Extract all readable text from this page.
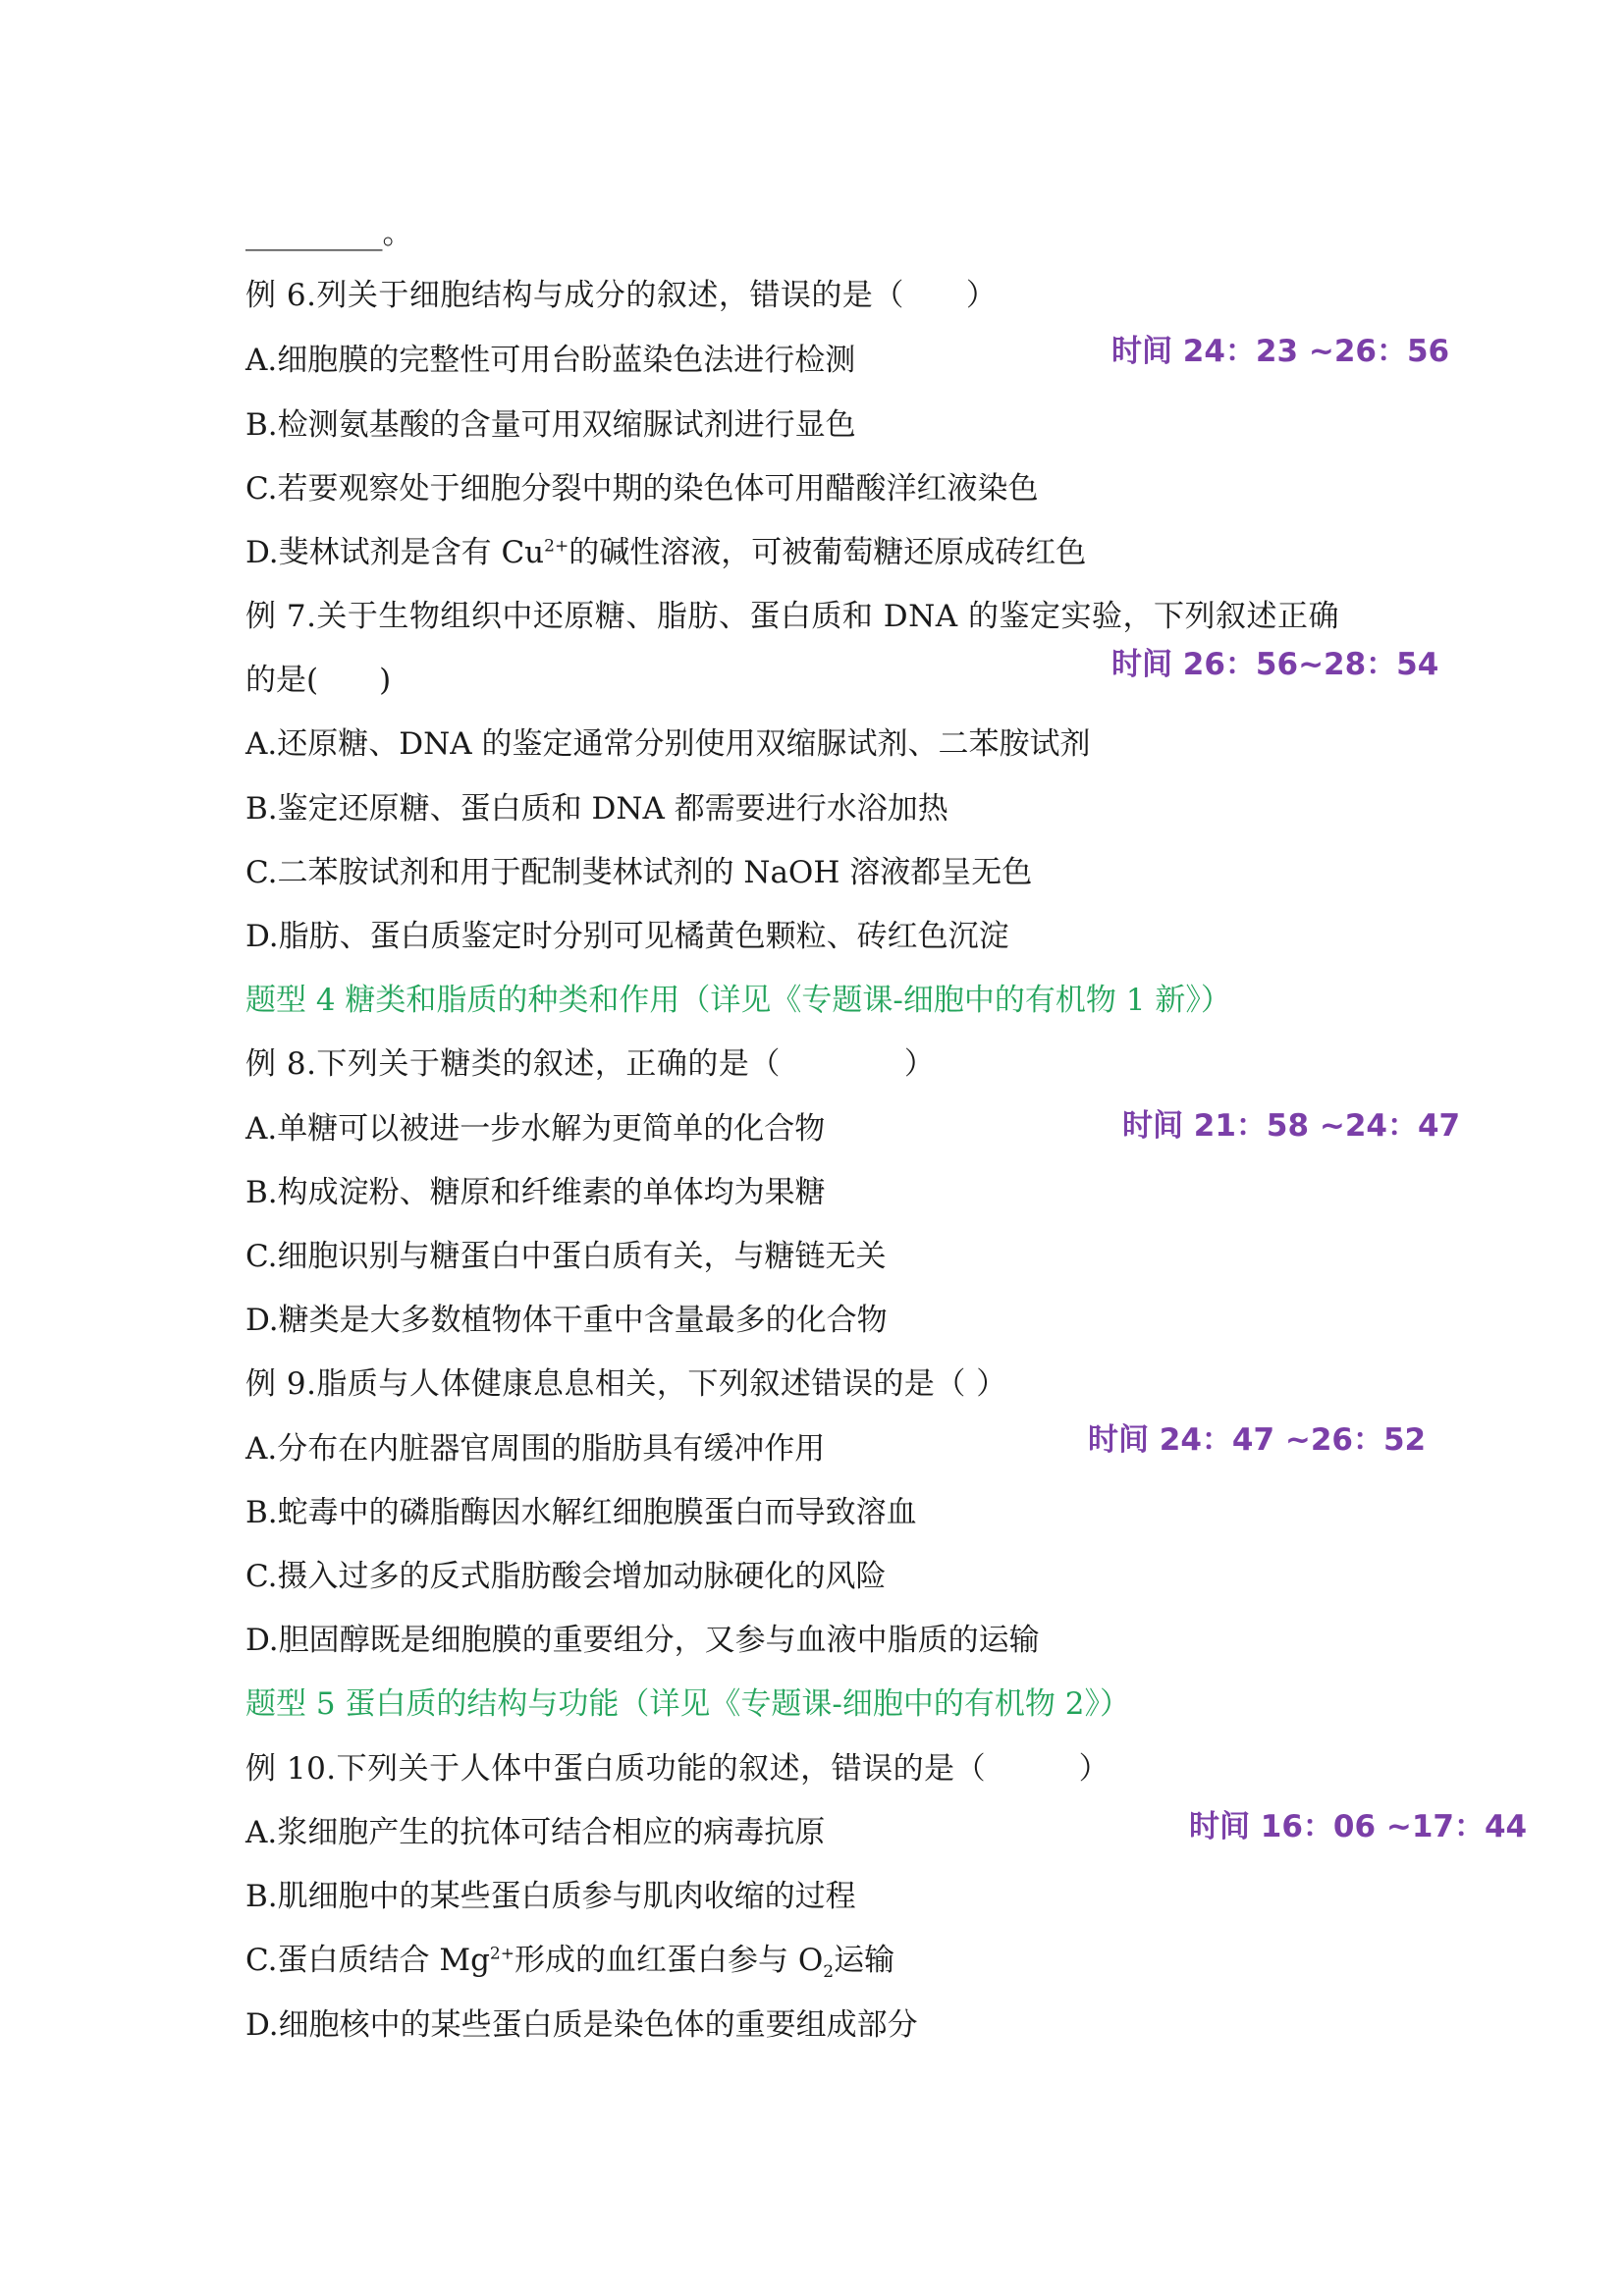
_________。
例 6.列关于细胞结构与成分的叙述，错误的是（　　）
时间 24：23 ~26：56
A.细胞膜的完整性可用台盼蓝染色法进行检测
B.检测氨基酸的含量可用双缩脲试剂进行显色
C.若要观察处于细胞分裂中期的染色体可用醋酸洋红液染色
D.斐林试剂是含有 $Cu^{2+}$的碱性溶液，可被葡萄糖还原成砖红色
例 7.关于生物组织中还原糖、脂肪、蛋白质和 DNA 的鉴定实验，下列叙述正确
时间 26：56~28：54
的是(　　)
A.还原糖、DNA 的鉴定通常分别使用双缩脲试剂、二苯胺试剂
B.鉴定还原糖、蛋白质和 DNA 都需要进行水浴加热
C.二苯胺试剂和用于配制斐林试剂的 NaOH 溶液都呈无色
D.脂肪、蛋白质鉴定时分别可见橘黄色颗粒、砖红色沉淀
题型 4 糖类和脂质的种类和作用（详见《专题课-细胞中的有机物 1 新》）
例 8.下列关于糖类的叙述，正确的是（　　　　）
时间 21：58 ~24：47
A.单糖可以被进一步水解为更简单的化合物
B.构成淀粉、糖原和纤维素的单体均为果糖
C.细胞识别与糖蛋白中蛋白质有关，与糖链无关
D.糖类是大多数植物体干重中含量最多的化合物
例 9.脂质与人体健康息息相关，下列叙述错误的是（ ）
时间 24：47 ~26：52
A.分布在内脏器官周围的脂肪具有缓冲作用
B.蛇毒中的磷脂酶因水解红细胞膜蛋白而导致溶血
C.摄入过多的反式脂肪酸会增加动脉硬化的风险
D.胆固醇既是细胞膜的重要组分，又参与血液中脂质的运输
题型 5 蛋白质的结构与功能（详见《专题课-细胞中的有机物 2》）
例 10.下列关于人体中蛋白质功能的叙述，错误的是（　　　）
时间 16：06 ~17：44
A.浆细胞产生的抗体可结合相应的病毒抗原
B.肌细胞中的某些蛋白质参与肌肉收缩的过程
C.蛋白质结合 $Mg^{2+}$形成的血红蛋白参与 $O_2$运输
D.细胞核中的某些蛋白质是染色体的重要组成部分
